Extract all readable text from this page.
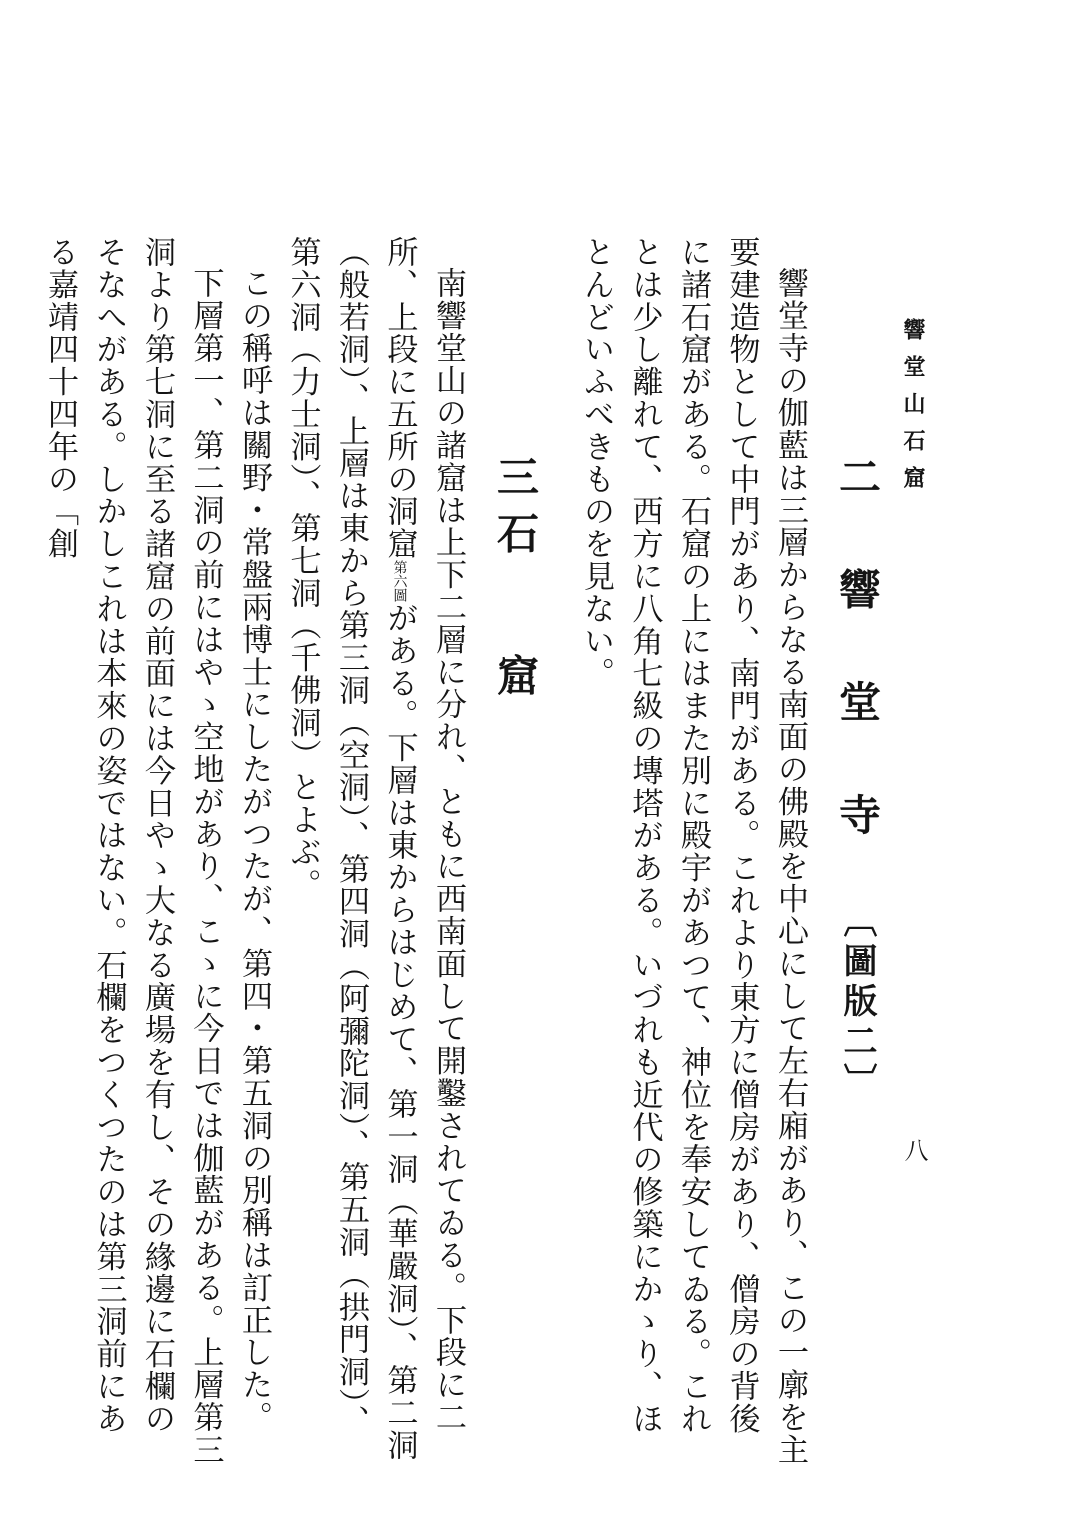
響堂山石窟
八
二 響 堂 寺〔圖版二〕
響堂寺の伽藍は三層からなる南面の佛殿を中心にして左右廂があり、この一廓を主要建造物として中門があり、南門がある。これより東方に僧房があり、僧房の背後に諸石窟がある。石窟の上にはまた別に殿宇があつて、神位を奉安してゐる。これとは少し離れて、西方に八角七級の塼塔がある。いづれも近代の修築にかゝり、ほとんどいふべきものを見ない。
三 石窟
南響堂山の諸窟は上下二層に分れ、ともに西南面して開鑿されてゐる。下段に二所、上段に五所の洞窟第六圖がある。下層は東からはじめて、第一洞（華嚴洞）、第二洞（般若洞）、上層は東から第三洞（空洞）、第四洞（阿彌陀洞）、第五洞（拱門洞）、第六洞（力士洞）、第七洞（千佛洞）とよぶ。
この稱呼は關野・常盤兩博士にしたがつたが、第四・第五洞の別稱は訂正した。
下層第一、第二洞の前にはやゝ空地があり、こゝに今日では伽藍がある。上層第三洞より第七洞に至る諸窟の前面には今日やゝ大なる廣場を有し、その緣邊に石欄のそなへがある。しかしこれは本來の姿ではない。石欄をつくつたのは第三洞前にある嘉靖四十四年の「創
